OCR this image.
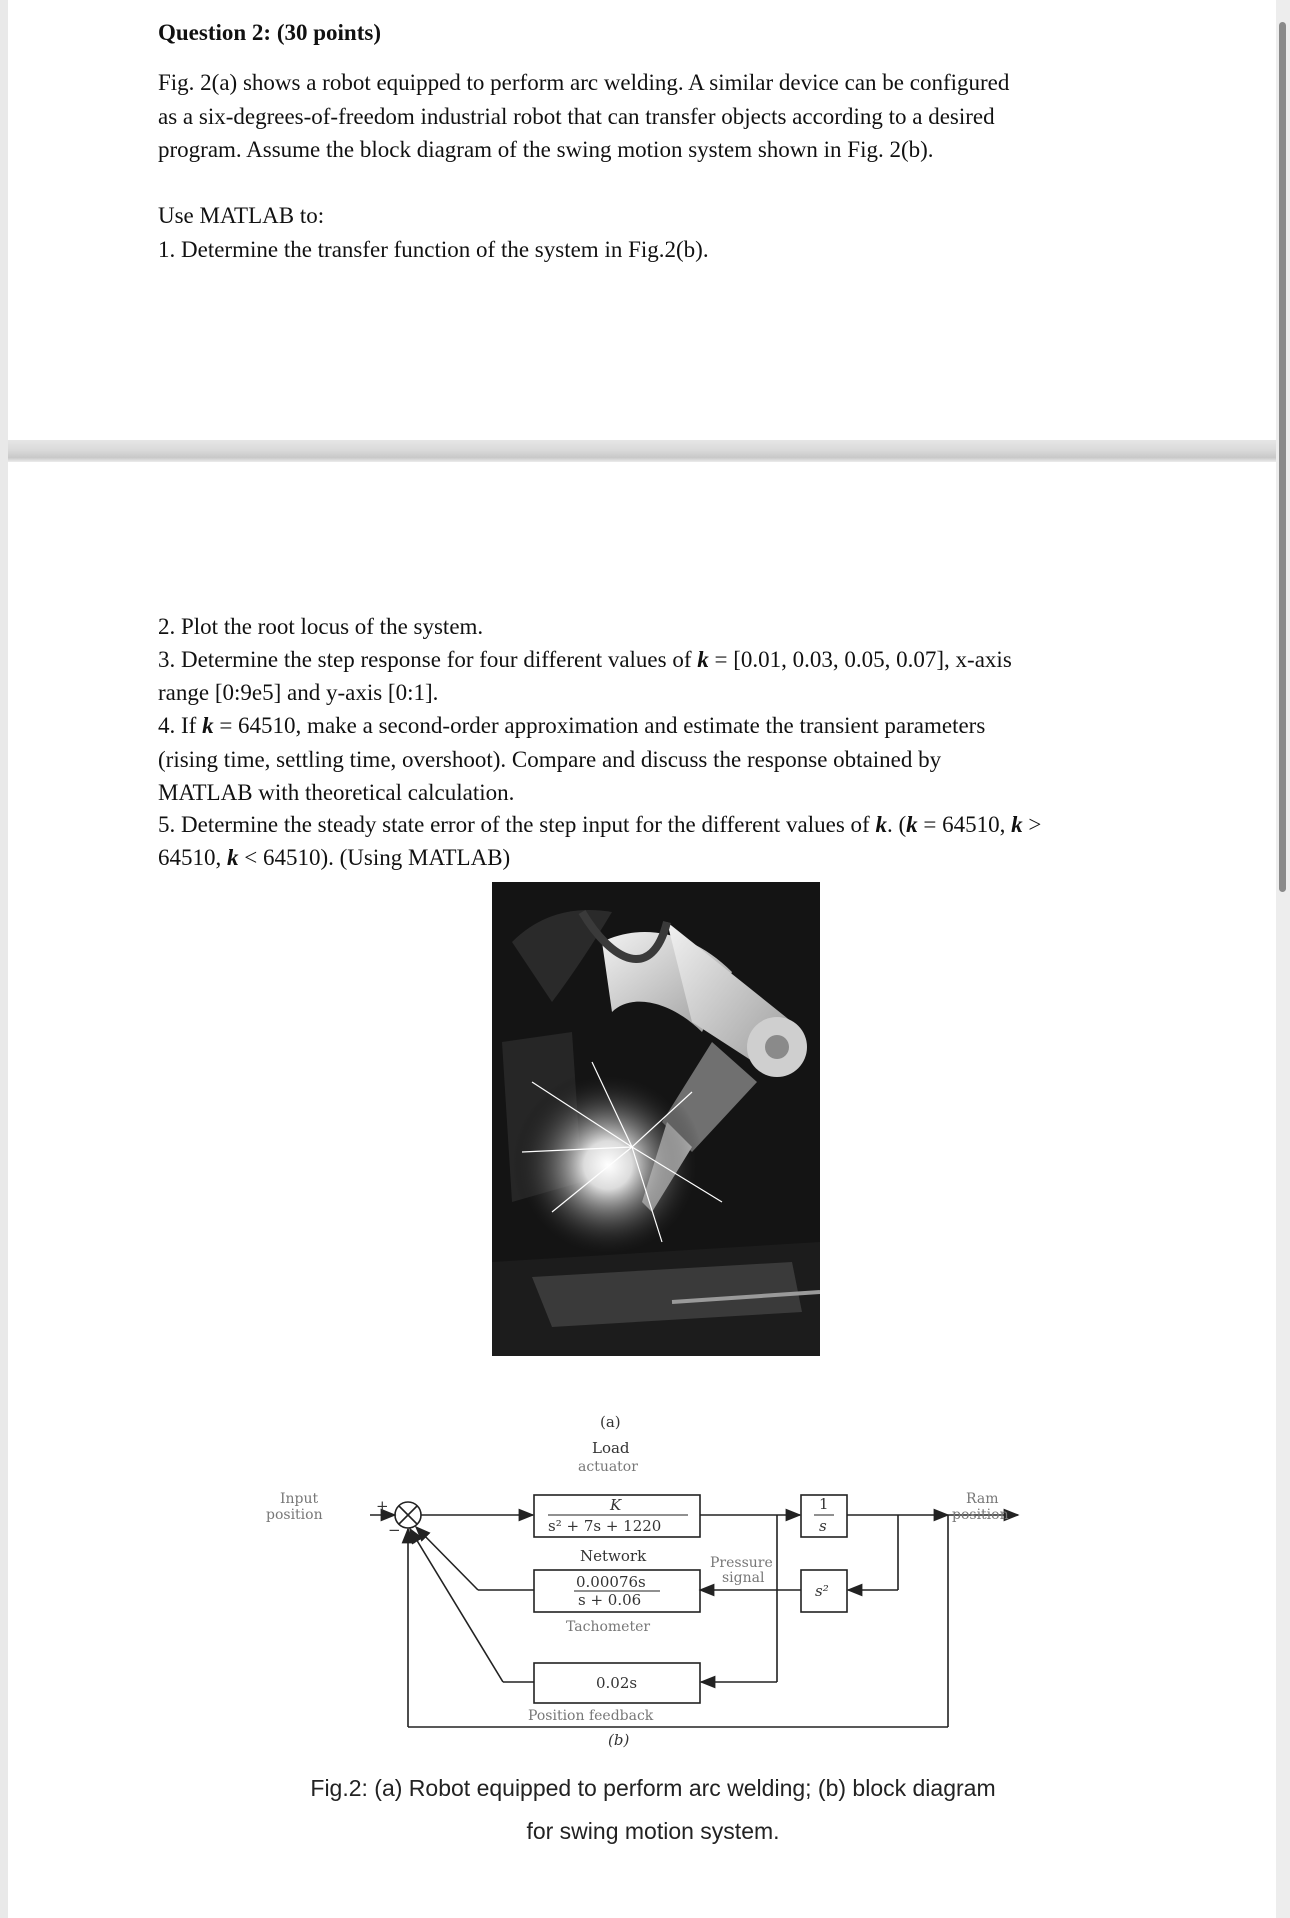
Question 2: (30 points)

Fig. 2(a) shows a robot equipped to perform arc welding. A similar device can be configured
as a six-degrees-of-freedom industrial robot that can transfer objects according to a desired
program. Assume the block diagram of the swing motion system shown in Fig. 2(b).

Use MATLAB to:

1. Determine the transfer function of the system in Fig.2(b).

2. Plot the root locus of the system.

3. Determine the step response for four different values of k = [0.01, 0.03, 0.05, 0.07], x-axis

range [0:9e5] and y-axis [0:1].

4. If k = 64510, make a second-order approximation and estimate the transient parameters

(rising time, settling time, overshoot). Compare and discuss the response obtained by

MATLAB with theoretical calculation.

5. Determine the steady state error of the step input for the different values of k. (k = 64510, k >

64510, k < 64510). (Using MATLAB)

(a)
Load
actuator
Input
position	+
−
K
s² + 7s + 1220
1
s
Ram
position
Network
0.00076s
s + 0.06
Pressure
signal
s²
Tachometer
0.02s
Position feedback
(b)

Fig.2: (a) Robot equipped to perform arc welding; (b) block diagram

for swing motion system.
